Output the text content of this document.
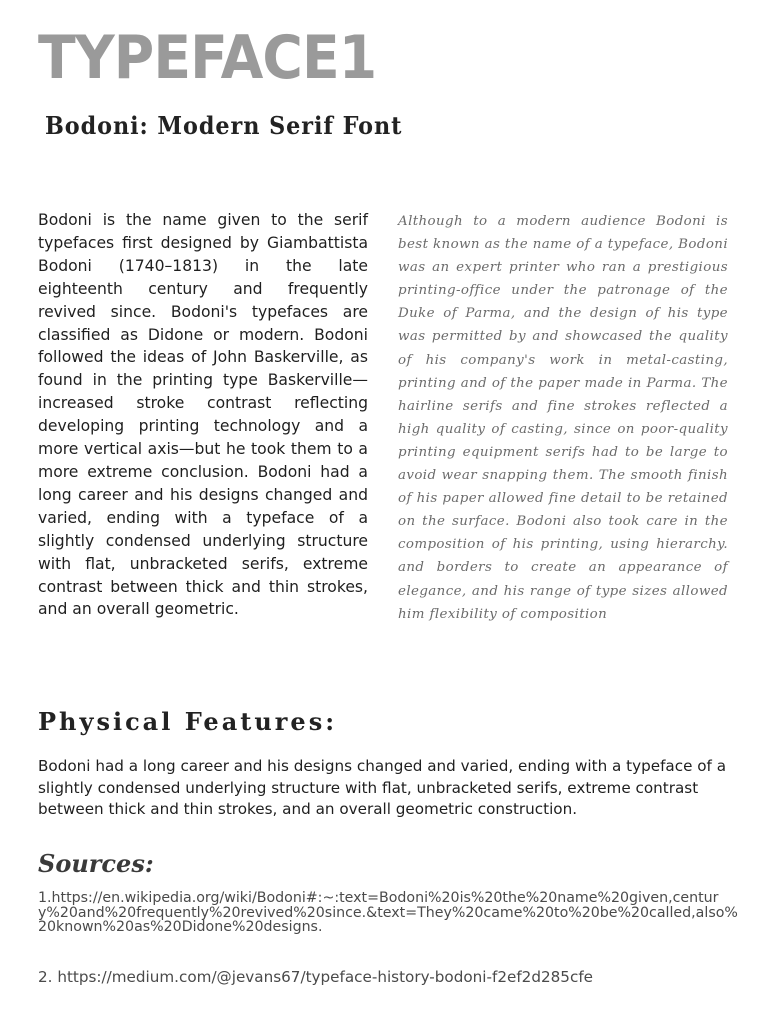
TYPEFACE1
Bodoni: Modern Serif Font

Bodoni is the name given to the serif typefaces first designed by Giambattista Bodoni (1740–1813) in the late eighteenth century and frequently revived since. Bodoni's typefaces are classified as Didone or modern. Bodoni followed the ideas of John Baskerville, as found in the printing type Baskerville—increased stroke contrast reflecting developing printing technology and a more vertical axis—but he took them to a more extreme conclusion. Bodoni had a long career and his designs changed and varied, ending with a typeface of a slightly condensed underlying structure with flat, unbracketed serifs, extreme contrast between thick and thin strokes, and an overall geometric.

Although to a modern audience Bodoni is best known as the name of a typeface, Bodoni was an expert printer who ran a prestigious printing-office under the patronage of the Duke of Parma, and the design of his type was permitted by and showcased the quality of his company's work in metal-casting, printing and of the paper made in Parma. The hairline serifs and fine strokes reflected a high quality of casting, since on poor-quality printing equipment serifs had to be large to avoid wear snapping them. The smooth finish of his paper allowed fine detail to be retained on the surface. Bodoni also took care in the composition of his printing, using hierarchy. and borders to create an appearance of elegance, and his range of type sizes allowed him flexibility of composition

Physical Features:

Bodoni had a long career and his designs changed and varied, ending with a typeface of a slightly condensed underlying structure with flat, unbracketed serifs, extreme contrast between thick and thin strokes, and an overall geometric construction.

Sources:
1.https://en.wikipedia.org/wiki/Bodoni#:~:text=Bodoni%20is%20the%20name%20given,century%20and%20frequently%20revived%20since.&text=They%20came%20to%20be%20called,also%20known%20as%20Didone%20designs.
2. https://medium.com/@jevans67/typeface-history-bodoni-f2ef2d285cfe
